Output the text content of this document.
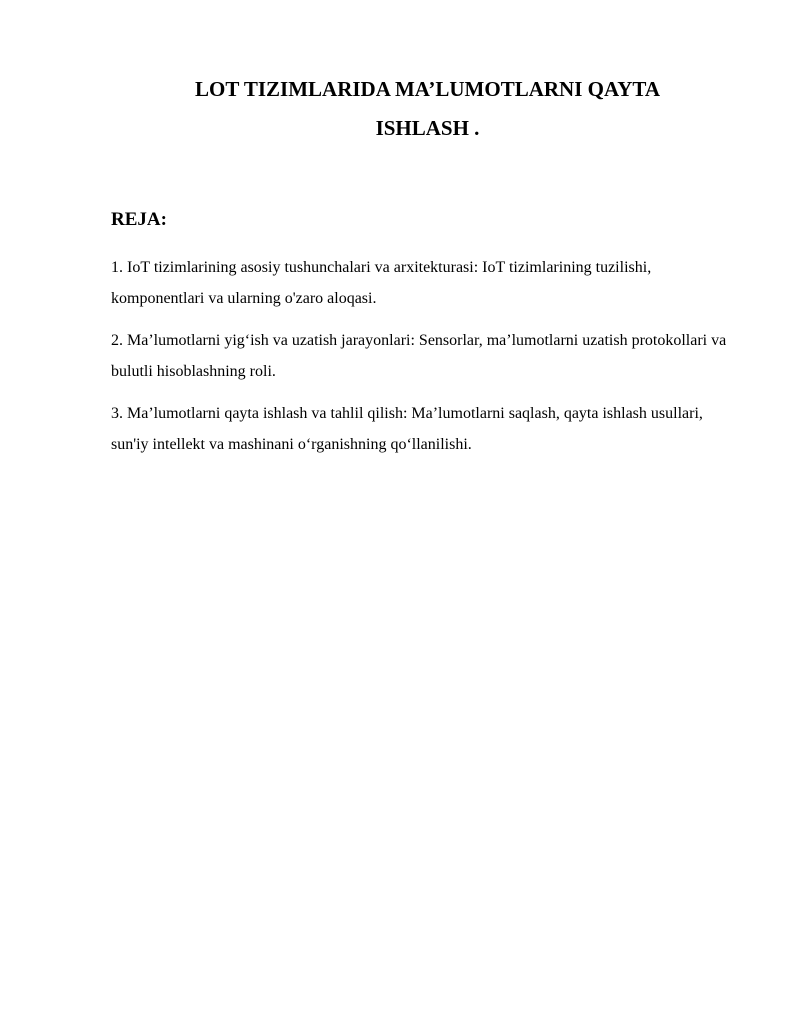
LOT TIZIMLARIDA MA’LUMOTLARNI QAYTA
ISHLASH .
REJA:
1. IoT tizimlarining asosiy tushunchalari va arxitekturasi: IoT tizimlarining tuzilishi, komponentlari va ularning o'zaro aloqasi.
2. Ma’lumotlarni yig‘ish va uzatish jarayonlari: Sensorlar, ma’lumotlarni uzatish protokollari va bulutli hisoblashning roli.
3. Ma’lumotlarni qayta ishlash va tahlil qilish: Ma’lumotlarni saqlash, qayta ishlash usullari, sun'iy intellekt va mashinani o‘rganishning qo‘llanilishi.
